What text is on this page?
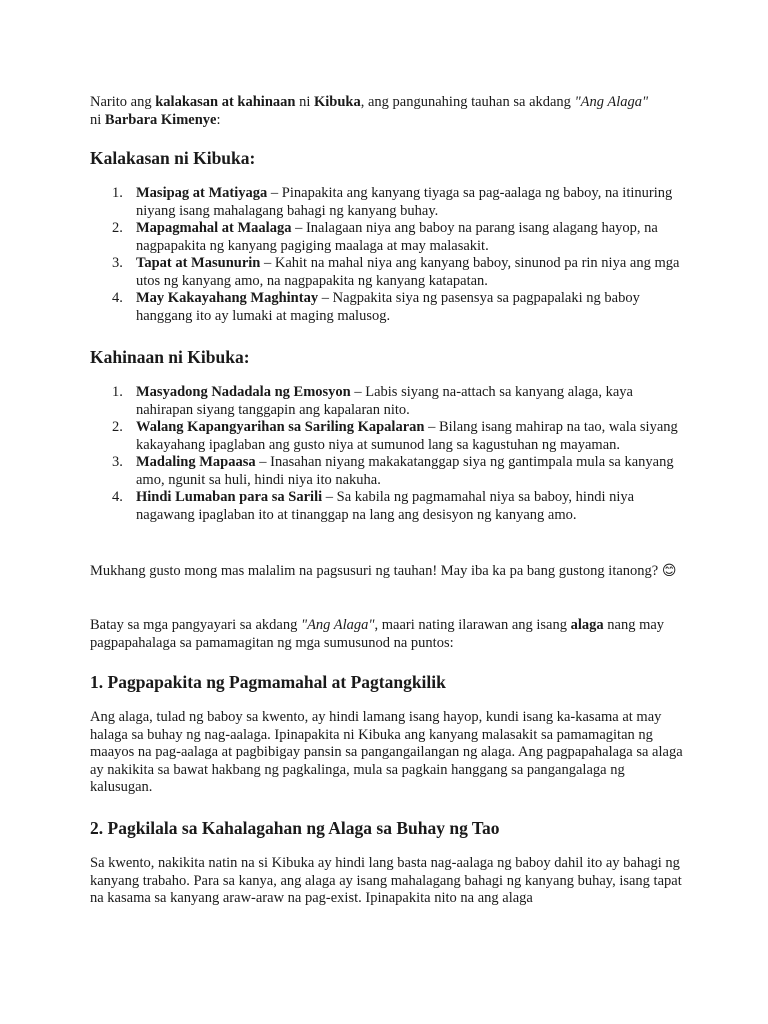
Narito ang kalakasan at kahinaan ni Kibuka, ang pangunahing tauhan sa akdang "Ang Alaga"
ni Barbara Kimenye:

Kalakasan ni Kibuka:
1. Masipag at Matiyaga – Pinapakita ang kanyang tiyaga sa pag-aalaga ng baboy, na itinuring niyang isang mahalagang bahagi ng kanyang buhay.
2. Mapagmahal at Maalaga – Inalagaan niya ang baboy na parang isang alagang hayop, na nagpapakita ng kanyang pagiging maalaga at may malasakit.
3. Tapat at Masunurin – Kahit na mahal niya ang kanyang baboy, sinunod pa rin niya ang mga utos ng kanyang amo, na nagpapakita ng kanyang katapatan.
4. May Kakayahang Maghintay – Nagpakita siya ng pasensya sa pagpapalaki ng baboy hanggang ito ay lumaki at maging malusog.
Kahinaan ni Kibuka:
1. Masyadong Nadadala ng Emosyon – Labis siyang na-attach sa kanyang alaga, kaya nahirapan siyang tanggapin ang kapalaran nito.
2. Walang Kapangyarihan sa Sariling Kapalaran – Bilang isang mahirap na tao, wala siyang kakayahang ipaglaban ang gusto niya at sumunod lang sa kagustuhan ng mayaman.
3. Madaling Mapaasa – Inasahan niyang makakatanggap siya ng gantimpala mula sa kanyang amo, ngunit sa huli, hindi niya ito nakuha.
4. Hindi Lumaban para sa Sarili – Sa kabila ng pagmamahal niya sa baboy, hindi niya nagawang ipaglaban ito at tinanggap na lang ang desisyon ng kanyang amo.

Mukhang gusto mong mas malalim na pagsusuri ng tauhan! May iba ka pa bang gustong itanong? 😊

Batay sa mga pangyayari sa akdang "Ang Alaga", maari nating ilarawan ang isang alaga nang may pagpapahalaga sa pamamagitan ng mga sumusunod na puntos:

1. Pagpapakita ng Pagmamahal at Pagtangkilik

Ang alaga, tulad ng baboy sa kwento, ay hindi lamang isang hayop, kundi isang ka-kasama at may halaga sa buhay ng nag-aalaga. Ipinapakita ni Kibuka ang kanyang malasakit sa pamamagitan ng maayos na pag-aalaga at pagbibigay pansin sa pangangailangan ng alaga. Ang pagpapahalaga sa alaga ay nakikita sa bawat hakbang ng pagkalinga, mula sa pagkain hanggang sa pangangalaga ng kalusugan.

2. Pagkilala sa Kahalagahan ng Alaga sa Buhay ng Tao

Sa kwento, nakikita natin na si Kibuka ay hindi lang basta nag-aalaga ng baboy dahil ito ay bahagi ng kanyang trabaho. Para sa kanya, ang alaga ay isang mahalagang bahagi ng kanyang buhay, isang tapat na kasama sa kanyang araw-araw na pag-exist. Ipinapakita nito na ang alaga
